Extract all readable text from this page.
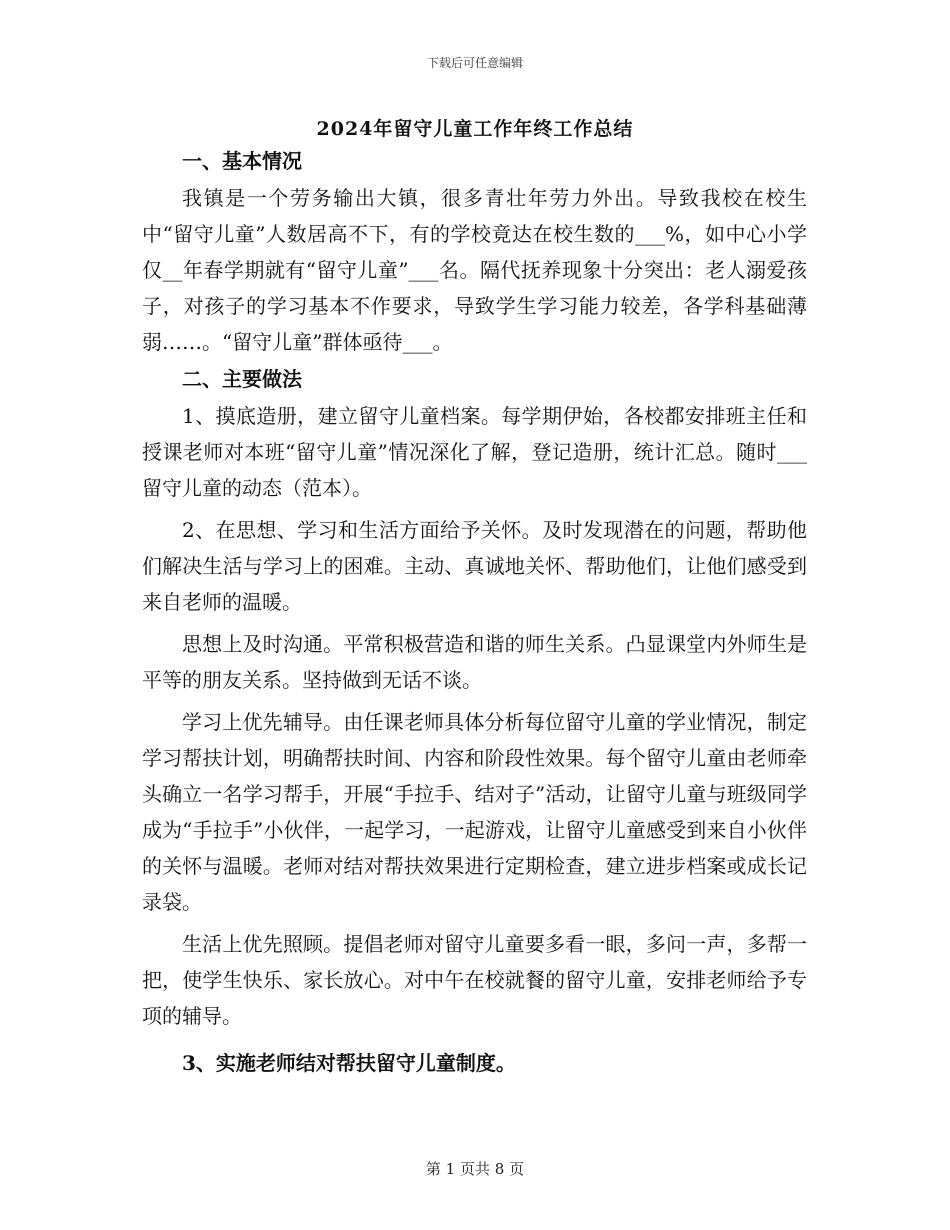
下载后可任意编辑
2024年留守儿童工作年终工作总结

一、基本情况

我镇是一个劳务输出大镇，很多青壮年劳力外出。导致我校在校生中“留守儿童”人数居高不下，有的学校竟达在校生数的___%，如中心小学仅__年春学期就有“留守儿童”___名。隔代抚养现象十分突出：老人溺爱孩子，对孩子的学习基本不作要求，导致学生学习能力较差，各学科基础薄弱……。“留守儿童”群体亟待___。

二、主要做法

1、摸底造册，建立留守儿童档案。每学期伊始，各校都安排班主任和授课老师对本班“留守儿童”情况深化了解，登记造册，统计汇总。随时___留守儿童的动态（范本）。

2、在思想、学习和生活方面给予关怀。及时发现潜在的问题，帮助他们解决生活与学习上的困难。主动、真诚地关怀、帮助他们，让他们感受到来自老师的温暖。

思想上及时沟通。平常积极营造和谐的师生关系。凸显课堂内外师生是平等的朋友关系。坚持做到无话不谈。

学习上优先辅导。由任课老师具体分析每位留守儿童的学业情况，制定学习帮扶计划，明确帮扶时间、内容和阶段性效果。每个留守儿童由老师牵头确立一名学习帮手，开展“手拉手、结对子”活动，让留守儿童与班级同学成为“手拉手”小伙伴，一起学习，一起游戏，让留守儿童感受到来自小伙伴的关怀与温暖。老师对结对帮扶效果进行定期检查，建立进步档案或成长记录袋。

生活上优先照顾。提倡老师对留守儿童要多看一眼，多问一声，多帮一把，使学生快乐、家长放心。对中午在校就餐的留守儿童，安排老师给予专项的辅导。

3、实施老师结对帮扶留守儿童制度。

第 1 页共 8 页
